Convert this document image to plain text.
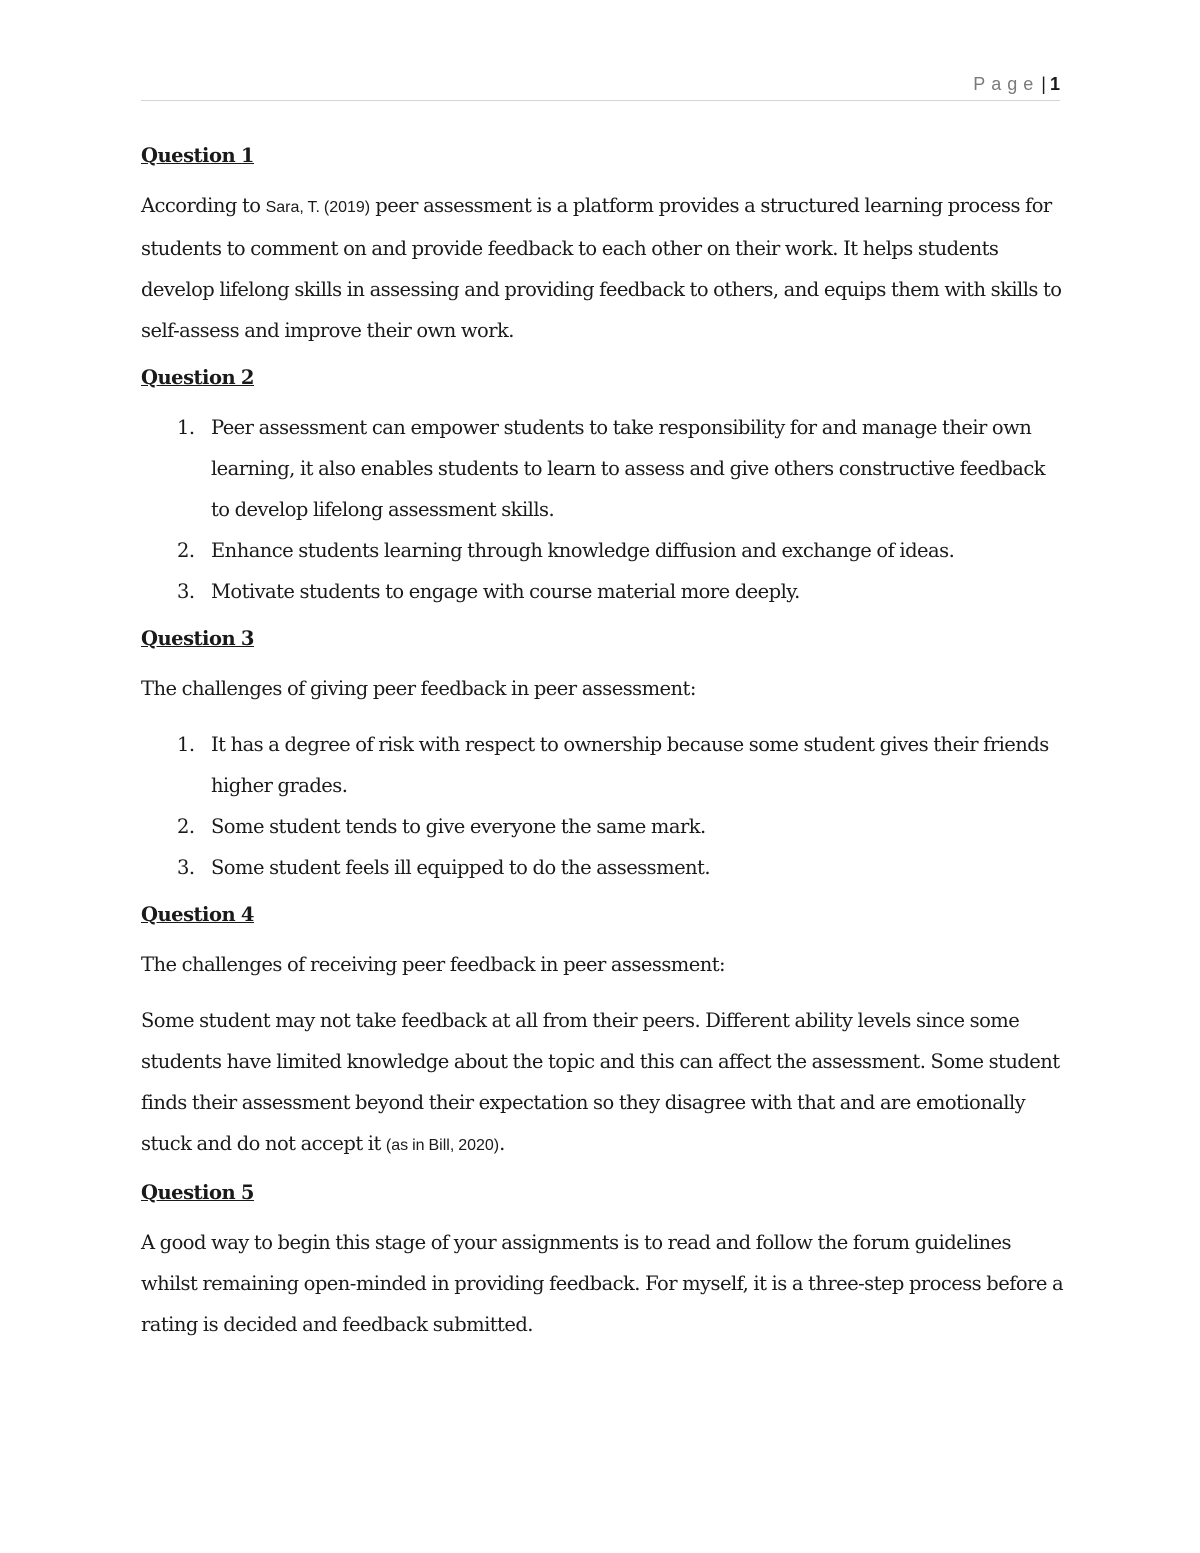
Page | 1

Question 1

According to Sara, T. (2019) peer assessment is a platform provides a structured learning process for students to comment on and provide feedback to each other on their work. It helps students develop lifelong skills in assessing and providing feedback to others, and equips them with skills to self-assess and improve their own work.

Question 2

1. Peer assessment can empower students to take responsibility for and manage their own learning, it also enables students to learn to assess and give others constructive feedback to develop lifelong assessment skills.
2. Enhance students learning through knowledge diffusion and exchange of ideas.
3. Motivate students to engage with course material more deeply.

Question 3

The challenges of giving peer feedback in peer assessment:

1. It has a degree of risk with respect to ownership because some student gives their friends higher grades.
2. Some student tends to give everyone the same mark.
3. Some student feels ill equipped to do the assessment.

Question 4

The challenges of receiving peer feedback in peer assessment:

Some student may not take feedback at all from their peers. Different ability levels since some students have limited knowledge about the topic and this can affect the assessment. Some student finds their assessment beyond their expectation so they disagree with that and are emotionally stuck and do not accept it (as in Bill, 2020).

Question 5

A good way to begin this stage of your assignments is to read and follow the forum guidelines whilst remaining open-minded in providing feedback. For myself, it is a three-step process before a rating is decided and feedback submitted.
